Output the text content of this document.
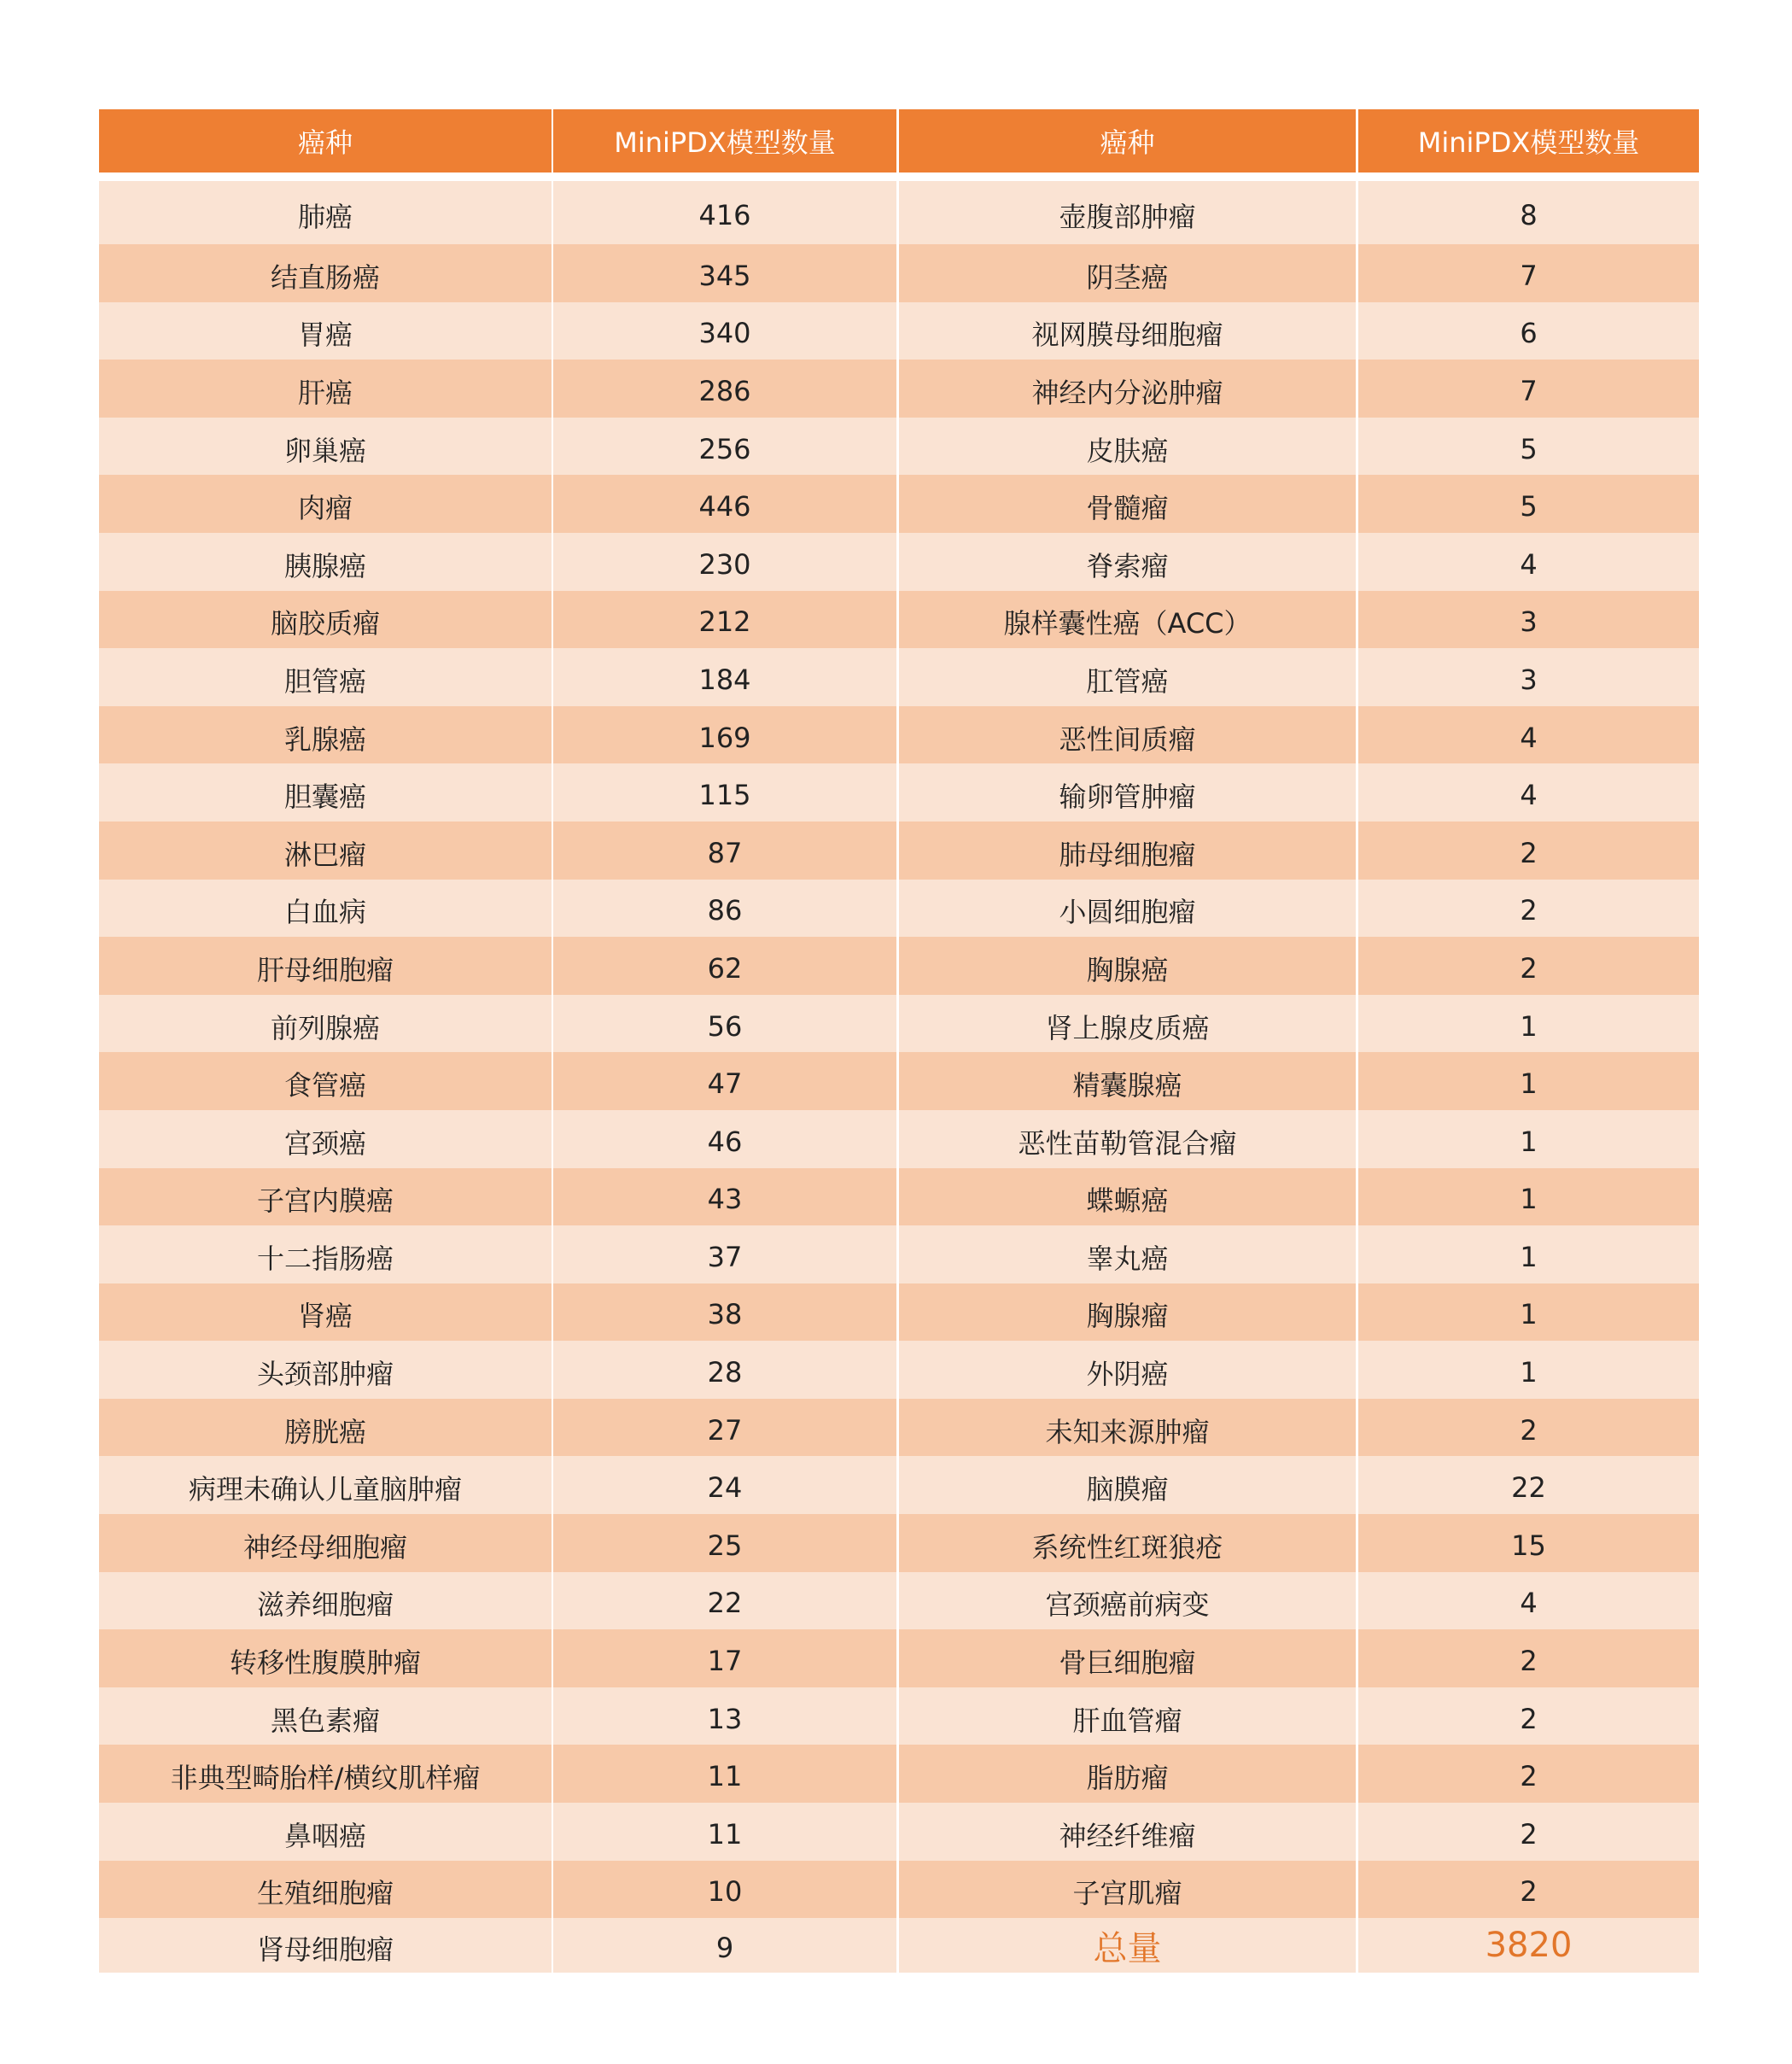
癌种	MiniPDX模型数量	癌种	MiniPDX模型数量
肺癌	416	壶腹部肿瘤	8
结直肠癌	345	阴茎癌	7
胃癌	340	视网膜母细胞瘤	6
肝癌	286	神经内分泌肿瘤	7
卵巢癌	256	皮肤癌	5
肉瘤	446	骨髓瘤	5
胰腺癌	230	脊索瘤	4
脑胶质瘤	212	腺样囊性癌（ACC）	3
胆管癌	184	肛管癌	3
乳腺癌	169	恶性间质瘤	4
胆囊癌	115	输卵管肿瘤	4
淋巴瘤	87	肺母细胞瘤	2
白血病	86	小圆细胞瘤	2
肝母细胞瘤	62	胸腺癌	2
前列腺癌	56	肾上腺皮质癌	1
食管癌	47	精囊腺癌	1
宫颈癌	46	恶性苗勒管混合瘤	1
子宫内膜癌	43	蝶螈癌	1
十二指肠癌	37	睾丸癌	1
肾癌	38	胸腺瘤	1
头颈部肿瘤	28	外阴癌	1
膀胱癌	27	未知来源肿瘤	2
病理未确认儿童脑肿瘤	24	脑膜瘤	22
神经母细胞瘤	25	系统性红斑狼疮	15
滋养细胞瘤	22	宫颈癌前病变	4
转移性腹膜肿瘤	17	骨巨细胞瘤	2
黑色素瘤	13	肝血管瘤	2
非典型畸胎样/横纹肌样瘤	11	脂肪瘤	2
鼻咽癌	11	神经纤维瘤	2
生殖细胞瘤	10	子宫肌瘤	2
肾母细胞瘤	9	总量	3820
